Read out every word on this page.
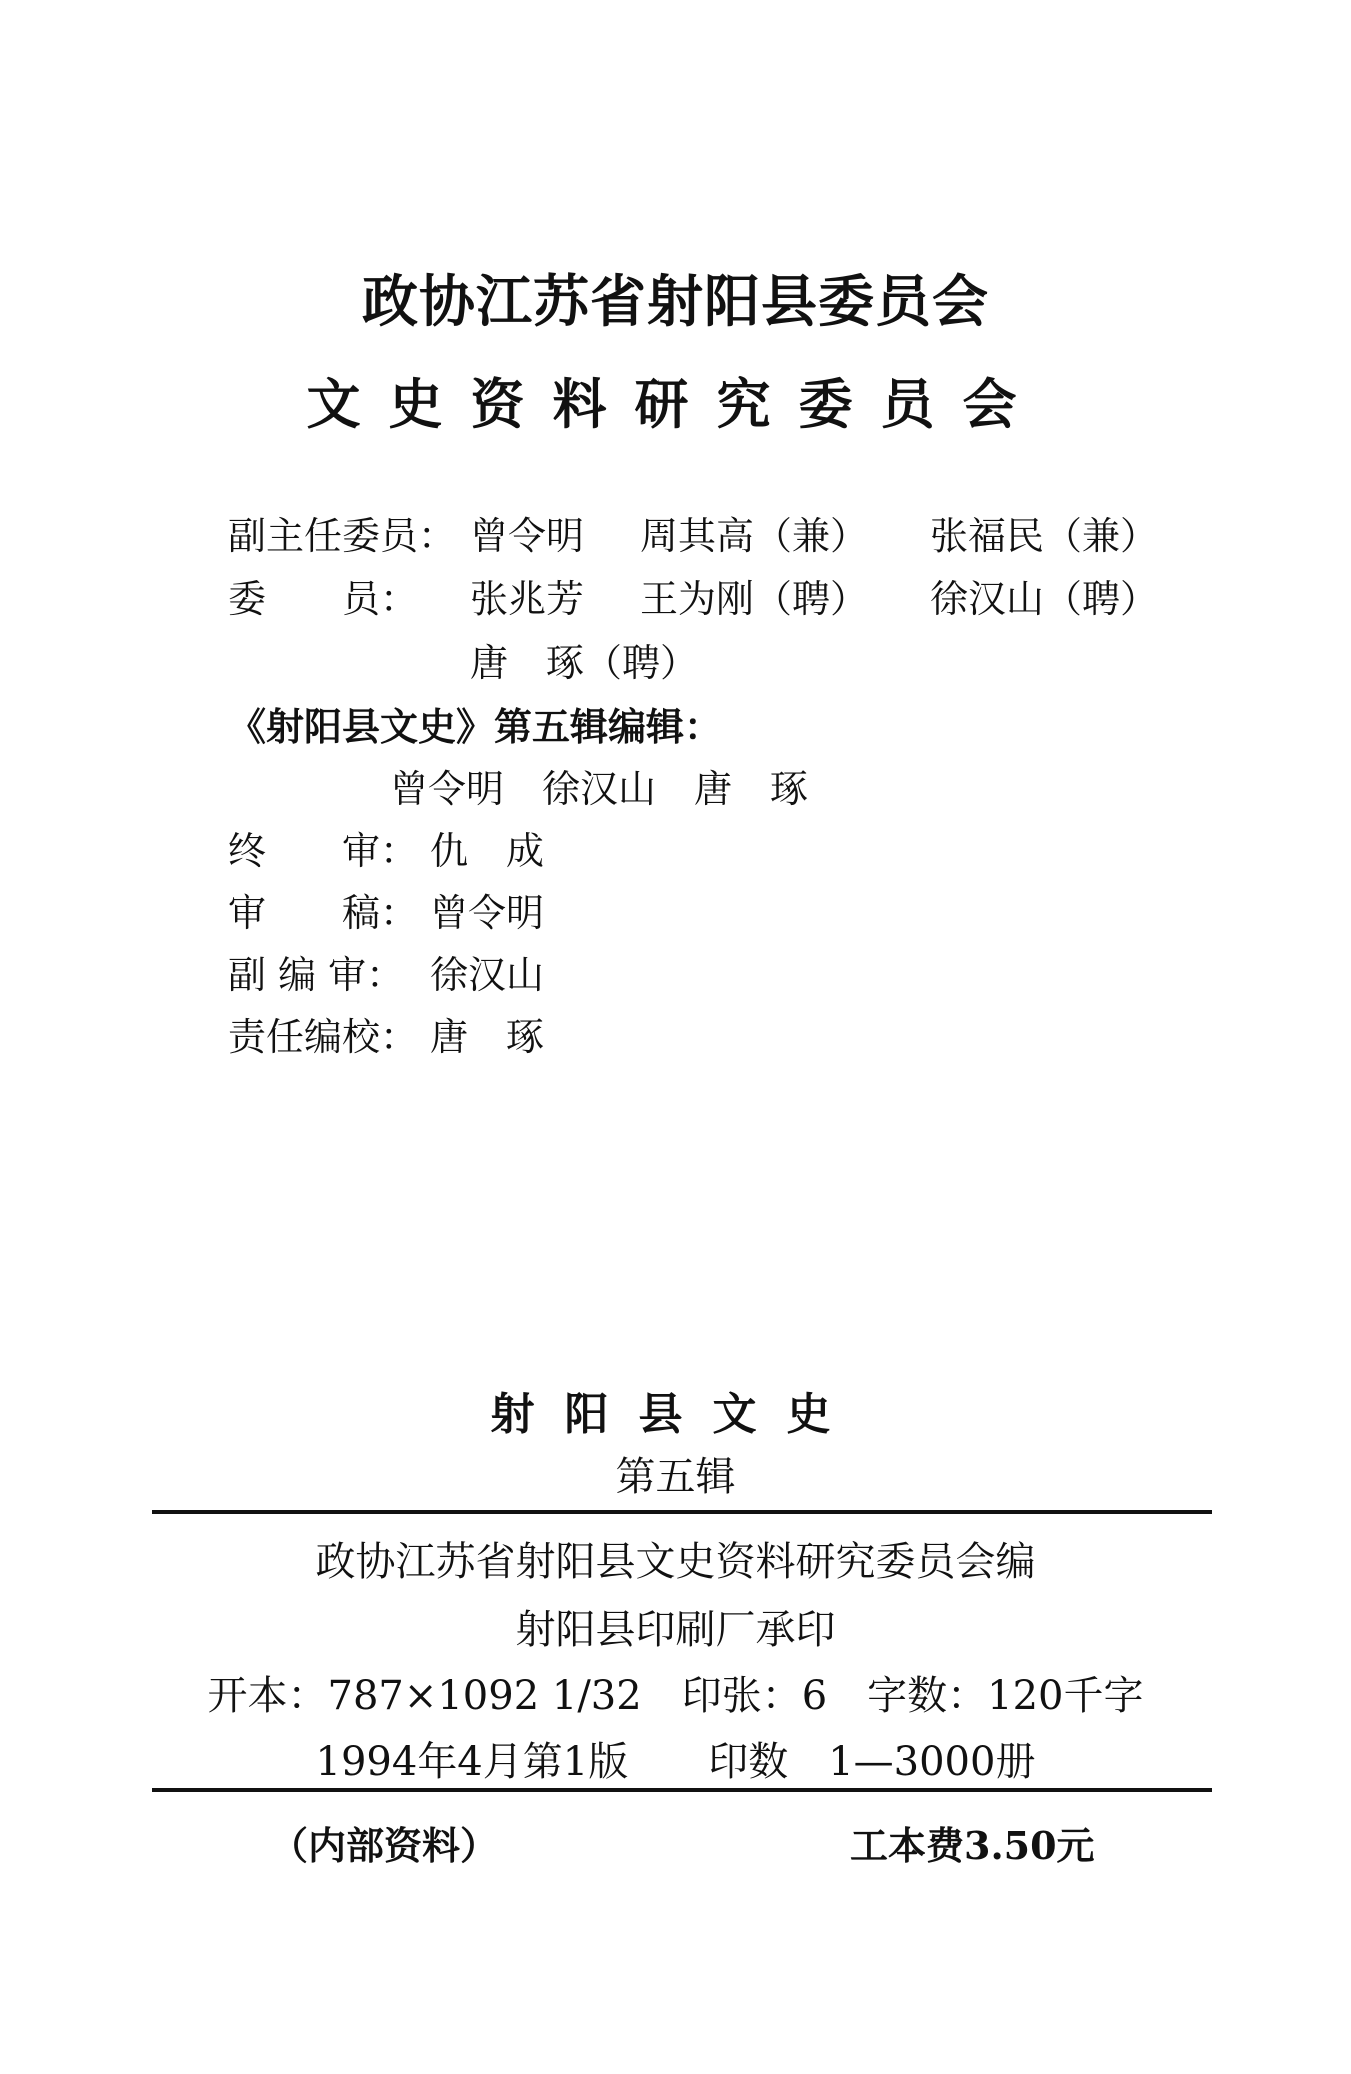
政协江苏省射阳县委员会
文史资料研究委员会
副主任委员： 曾令明 周其高（兼） 张福民（兼）
委　　员： 张兆芳 王为刚（聘） 徐汉山（聘）
唐　琢（聘）
《射阳县文史》第五辑编辑：
曾令明　徐汉山　唐　琢
终　　审： 仇　成
审　　稿： 曾令明
副 编 审： 徐汉山
责任编校： 唐　琢
射阳县文史
第五辑
政协江苏省射阳县文史资料研究委员会编
射阳县印刷厂承印
开本：787×1092 1/32　印张：6　字数：120千字
1994年4月第1版　　印数　1—3000册
（内部资料）	工本费3.50元
